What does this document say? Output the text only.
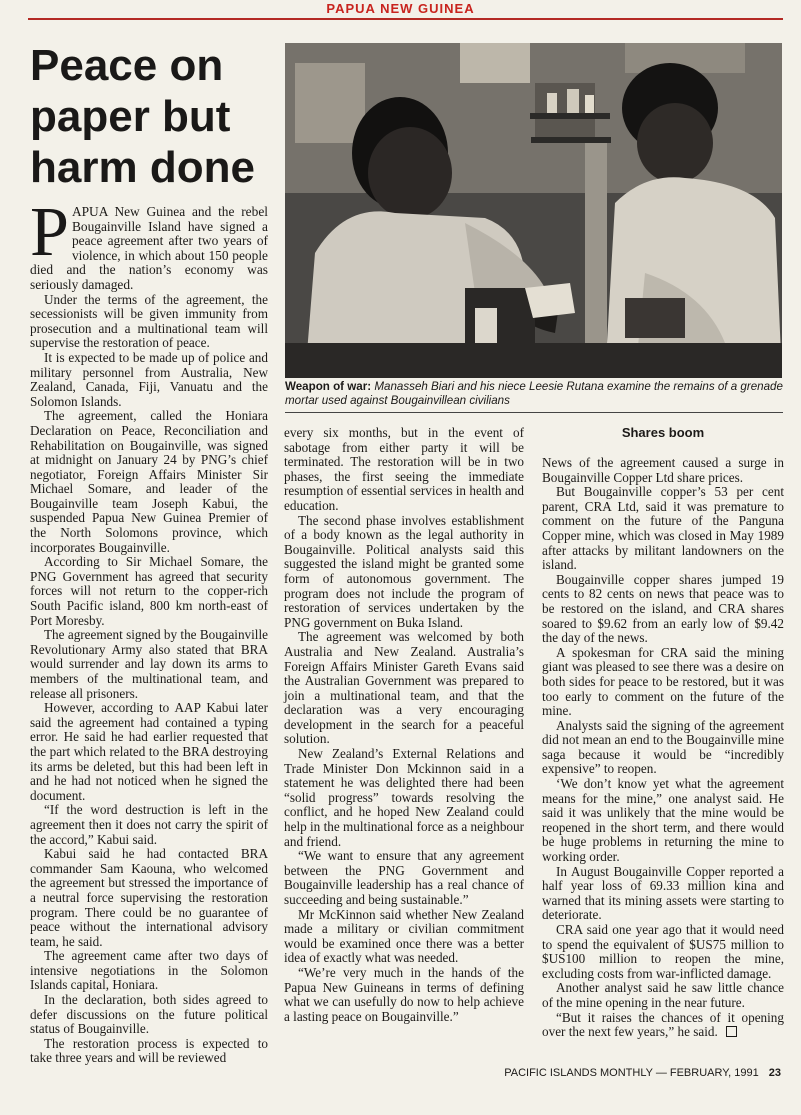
PAPUA NEW GUINEA
Peace on paper but harm done

PAPUA New Guinea and the rebel Bougainville Island have signed a peace agreement after two years of violence, in which about 150 people died and the nation’s economy was seriously damaged.

Under the terms of the agreement, the secessionists will be given immunity from prosecution and a multinational team will supervise the restoration of peace.

It is expected to be made up of police and military personnel from Australia, New Zealand, Canada, Fiji, Vanuatu and the Solomon Islands.

The agreement, called the Honiara Declaration on Peace, Reconciliation and Rehabilitation on Bougainville, was signed at midnight on January 24 by PNG’s chief negotiator, Foreign Affairs Minister Sir Michael Somare, and leader of the Bougainville team Joseph Kabui, the suspended Papua New Guinea Premier of the North Solomons province, which incorporates Bougainville.

According to Sir Michael Somare, the PNG Government has agreed that security forces will not return to the copper-rich South Pacific island, 800 km north-east of Port Moresby.

The agreement signed by the Bougainville Revolutionary Army also stated that BRA would surrender and lay down its arms to members of the multinational team, and release all prisoners.

However, according to AAP Kabui later said the agreement had contained a typing error. He said he had earlier requested that the part which related to the BRA destroying its arms be deleted, but this had been left in and he had not noticed when he signed the document.

“If the word destruction is left in the agreement then it does not carry the spirit of the accord,” Kabui said.

Kabui said he had contacted BRA commander Sam Kaouna, who welcomed the agreement but stressed the importance of a neutral force supervising the restoration program. There could be no guarantee of peace without the international advisory team, he said.

The agreement came after two days of intensive negotiations in the Solomon Islands capital, Honiara.

In the declaration, both sides agreed to defer discussions on the future political status of Bougainville.

The restoration process is expected to take three years and will be reviewed

Weapon of war: Manasseh Biari and his niece Leesie Rutana examine the remains of a grenade mortar used against Bougainvillean civilians

every six months, but in the event of sabotage from either party it will be terminated. The restoration will be in two phases, the first seeing the immediate resumption of essential services in health and education.

The second phase involves establishment of a body known as the legal authority in Bougainville. Political analysts said this suggested the island might be granted some form of autonomous government. The program does not include the program of restoration of services undertaken by the PNG government on Buka Island.

The agreement was welcomed by both Australia and New Zealand. Australia’s Foreign Affairs Minister Gareth Evans said the Australian Government was prepared to join a multinational team, and that the declaration was a very encouraging development in the search for a peaceful solution.

New Zealand’s External Relations and Trade Minister Don Mckinnon said in a statement he was delighted there had been “solid progress” towards resolving the conflict, and he hoped New Zealand could help in the multinational force as a neighbour and friend.

“We want to ensure that any agreement between the PNG Government and Bougainville leadership has a real chance of succeeding and being sustainable.”

Mr McKinnon said whether New Zealand made a military or civilian commitment would be examined once there was a better idea of exactly what was needed.

“We’re very much in the hands of the Papua New Guineans in terms of defining what we can usefully do now to help achieve a lasting peace on Bougainville.”

Shares boom

News of the agreement caused a surge in Bougainville Copper Ltd share prices.

But Bougainville copper’s 53 per cent parent, CRA Ltd, said it was premature to comment on the future of the Panguna Copper mine, which was closed in May 1989 after attacks by militant landowners on the island.

Bougainville copper shares jumped 19 cents to 82 cents on news that peace was to be restored on the island, and CRA shares soared to $9.62 from an early low of $9.42 the day of the news.

A spokesman for CRA said the mining giant was pleased to see there was a desire on both sides for peace to be restored, but it was too early to comment on the future of the mine.

Analysts said the signing of the agreement did not mean an end to the Bougainville mine saga because it would be “incredibly expensive” to reopen.

‘We don’t know yet what the agreement means for the mine,” one analyst said. He said it was unlikely that the mine would be reopened in the short term, and there would be huge problems in returning the mine to working order.

In August Bougainville Copper reported a half year loss of 69.33 million kina and warned that its mining assets were starting to deteriorate.

CRA said one year ago that it would need to spend the equivalent of $US75 million to $US100 million to reopen the mine, excluding costs from war-inflicted damage.

Another analyst said he saw little chance of the mine opening in the near future.

“But it raises the chances of it opening over the next few years,” he said.

PACIFIC ISLANDS MONTHLY — FEBRUARY, 1991 23
